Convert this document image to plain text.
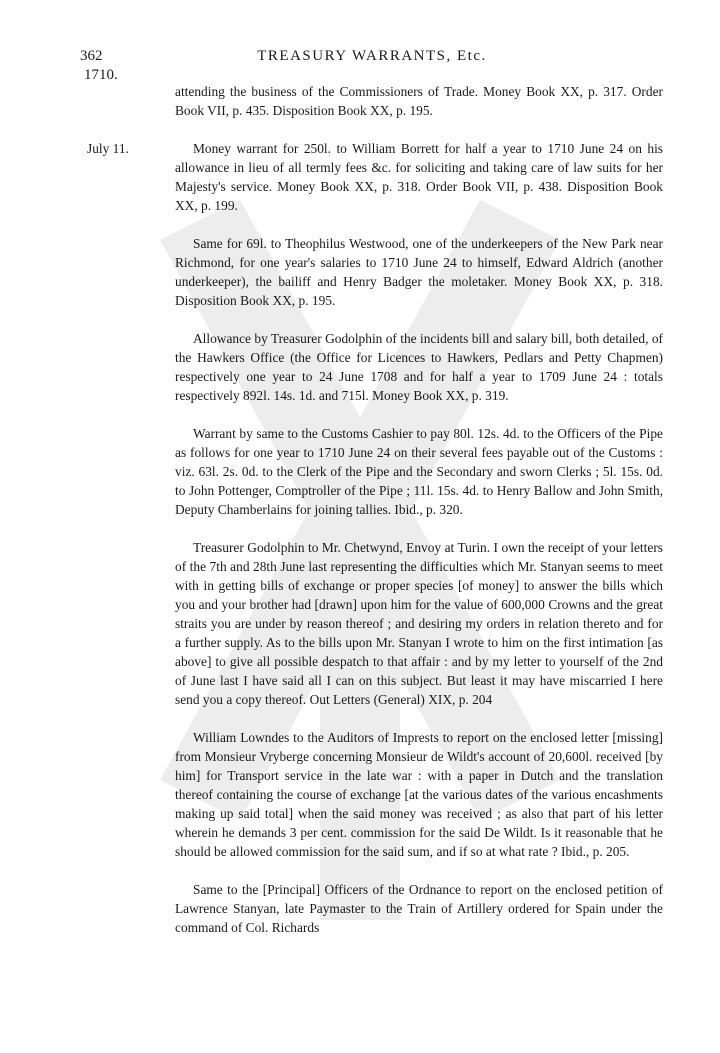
362	TREASURY WARRANTS, Etc.
1710.

attending the business of the Commissioners of Trade. Money Book XX, p. 317. Order Book VII, p. 435. Disposition Book XX, p. 195.

July 11.	Money warrant for 250l. to William Borrett for half a year to 1710 June 24 on his allowance in lieu of all termly fees &c. for soliciting and taking care of law suits for her Majesty's service. Money Book XX, p. 318. Order Book VII, p. 438. Disposition Book XX, p. 199.

Same for 69l. to Theophilus Westwood, one of the underkeepers of the New Park near Richmond, for one year's salaries to 1710 June 24 to himself, Edward Aldrich (another underkeeper), the bailiff and Henry Badger the moletaker. Money Book XX, p. 318. Disposition Book XX, p. 195.

Allowance by Treasurer Godolphin of the incidents bill and salary bill, both detailed, of the Hawkers Office (the Office for Licences to Hawkers, Pedlars and Petty Chapmen) respectively one year to 24 June 1708 and for half a year to 1709 June 24 : totals respectively 892l. 14s. 1d. and 715l. Money Book XX, p. 319.

Warrant by same to the Customs Cashier to pay 80l. 12s. 4d. to the Officers of the Pipe as follows for one year to 1710 June 24 on their several fees payable out of the Customs : viz. 63l. 2s. 0d. to the Clerk of the Pipe and the Secondary and sworn Clerks ; 5l. 15s. 0d. to John Pottenger, Comptroller of the Pipe ; 11l. 15s. 4d. to Henry Ballow and John Smith, Deputy Chamberlains for joining tallies. Ibid., p. 320.

Treasurer Godolphin to Mr. Chetwynd, Envoy at Turin. I own the receipt of your letters of the 7th and 28th June last representing the difficulties which Mr. Stanyan seems to meet with in getting bills of exchange or proper species [of money] to answer the bills which you and your brother had [drawn] upon him for the value of 600,000 Crowns and the great straits you are under by reason thereof ; and desiring my orders in relation thereto and for a further supply. As to the bills upon Mr. Stanyan I wrote to him on the first intimation [as above] to give all possible despatch to that affair : and by my letter to yourself of the 2nd of June last I have said all I can on this subject. But least it may have miscarried I here send you a copy thereof. Out Letters (General) XIX, p. 204

William Lowndes to the Auditors of Imprests to report on the enclosed letter [missing] from Monsieur Vryberge concerning Monsieur de Wildt's account of 20,600l. received [by him] for Transport service in the late war : with a paper in Dutch and the translation thereof containing the course of exchange [at the various dates of the various encashments making up said total] when the said money was received ; as also that part of his letter wherein he demands 3 per cent. commission for the said De Wildt. Is it reasonable that he should be allowed commission for the said sum, and if so at what rate ? Ibid., p. 205.

Same to the [Principal] Officers of the Ordnance to report on the enclosed petition of Lawrence Stanyan, late Paymaster to the Train of Artillery ordered for Spain under the command of Col. Richards
